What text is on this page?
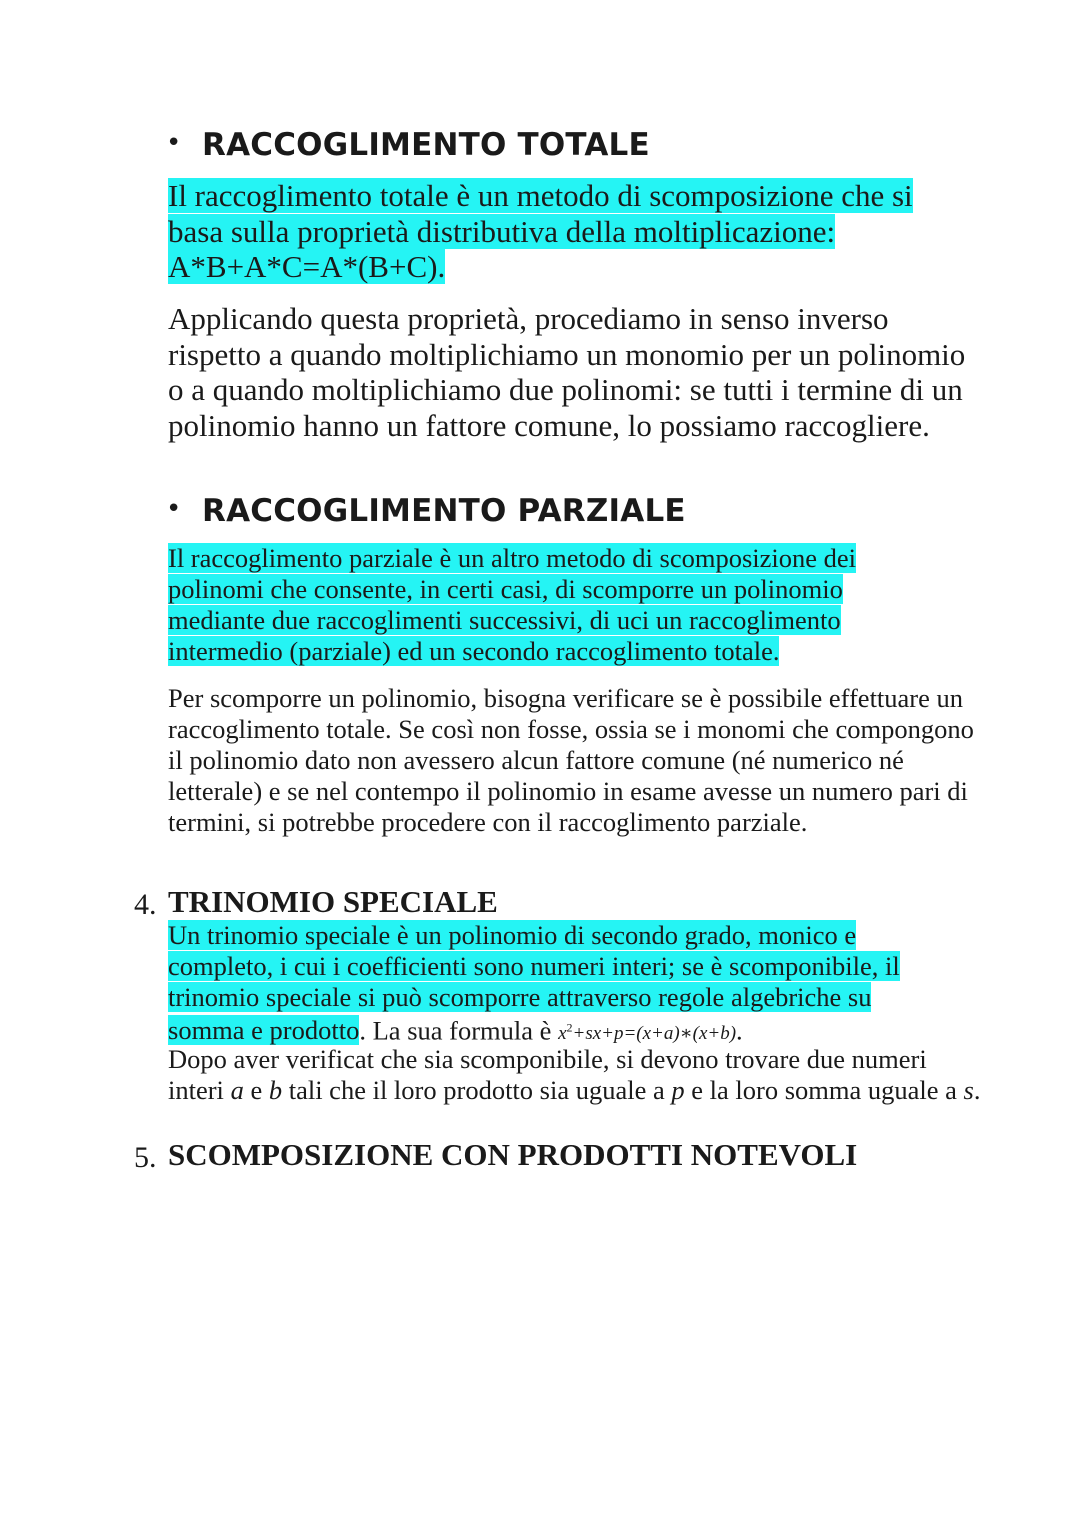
• RACCOGLIMENTO TOTALE
Il raccoglimento totale è un metodo di scomposizione che si basa sulla proprietà distributiva della moltiplicazione: A*B+A*C=A*(B+C).
Applicando questa proprietà, procediamo in senso inverso rispetto a quando moltiplichiamo un monomio per un polinomio o a quando moltiplichiamo due polinomi: se tutti i termine di un polinomio hanno un fattore comune, lo possiamo raccogliere.
• RACCOGLIMENTO PARZIALE
Il raccoglimento parziale è un altro metodo di scomposizione dei polinomi che consente, in certi casi, di scomporre un polinomio mediante due raccoglimenti successivi, di uci un raccoglimento intermedio (parziale) ed un secondo raccoglimento totale.
Per scomporre un polinomio, bisogna verificare se è possibile effettuare un raccoglimento totale. Se così non fosse, ossia se i monomi che compongono il polinomio dato non avessero alcun fattore comune (né numerico né letterale) e se nel contempo il polinomio in esame avesse un numero pari di termini, si potrebbe procedere con il raccoglimento parziale.
4. TRINOMIO SPECIALE
Un trinomio speciale è un polinomio di secondo grado, monico e completo, i cui i coefficienti sono numeri interi; se è scomponibile, il trinomio speciale si può scomporre attraverso regole algebriche su somma e prodotto. La sua formula è $x^2+sx+p=(x+a)∗(x+b)$.
Dopo aver verificat che sia scomponibile, si devono trovare due numeri interi a e b tali che il loro prodotto sia uguale a p e la loro somma uguale a s.
5. SCOMPOSIZIONE CON PRODOTTI NOTEVOLI
